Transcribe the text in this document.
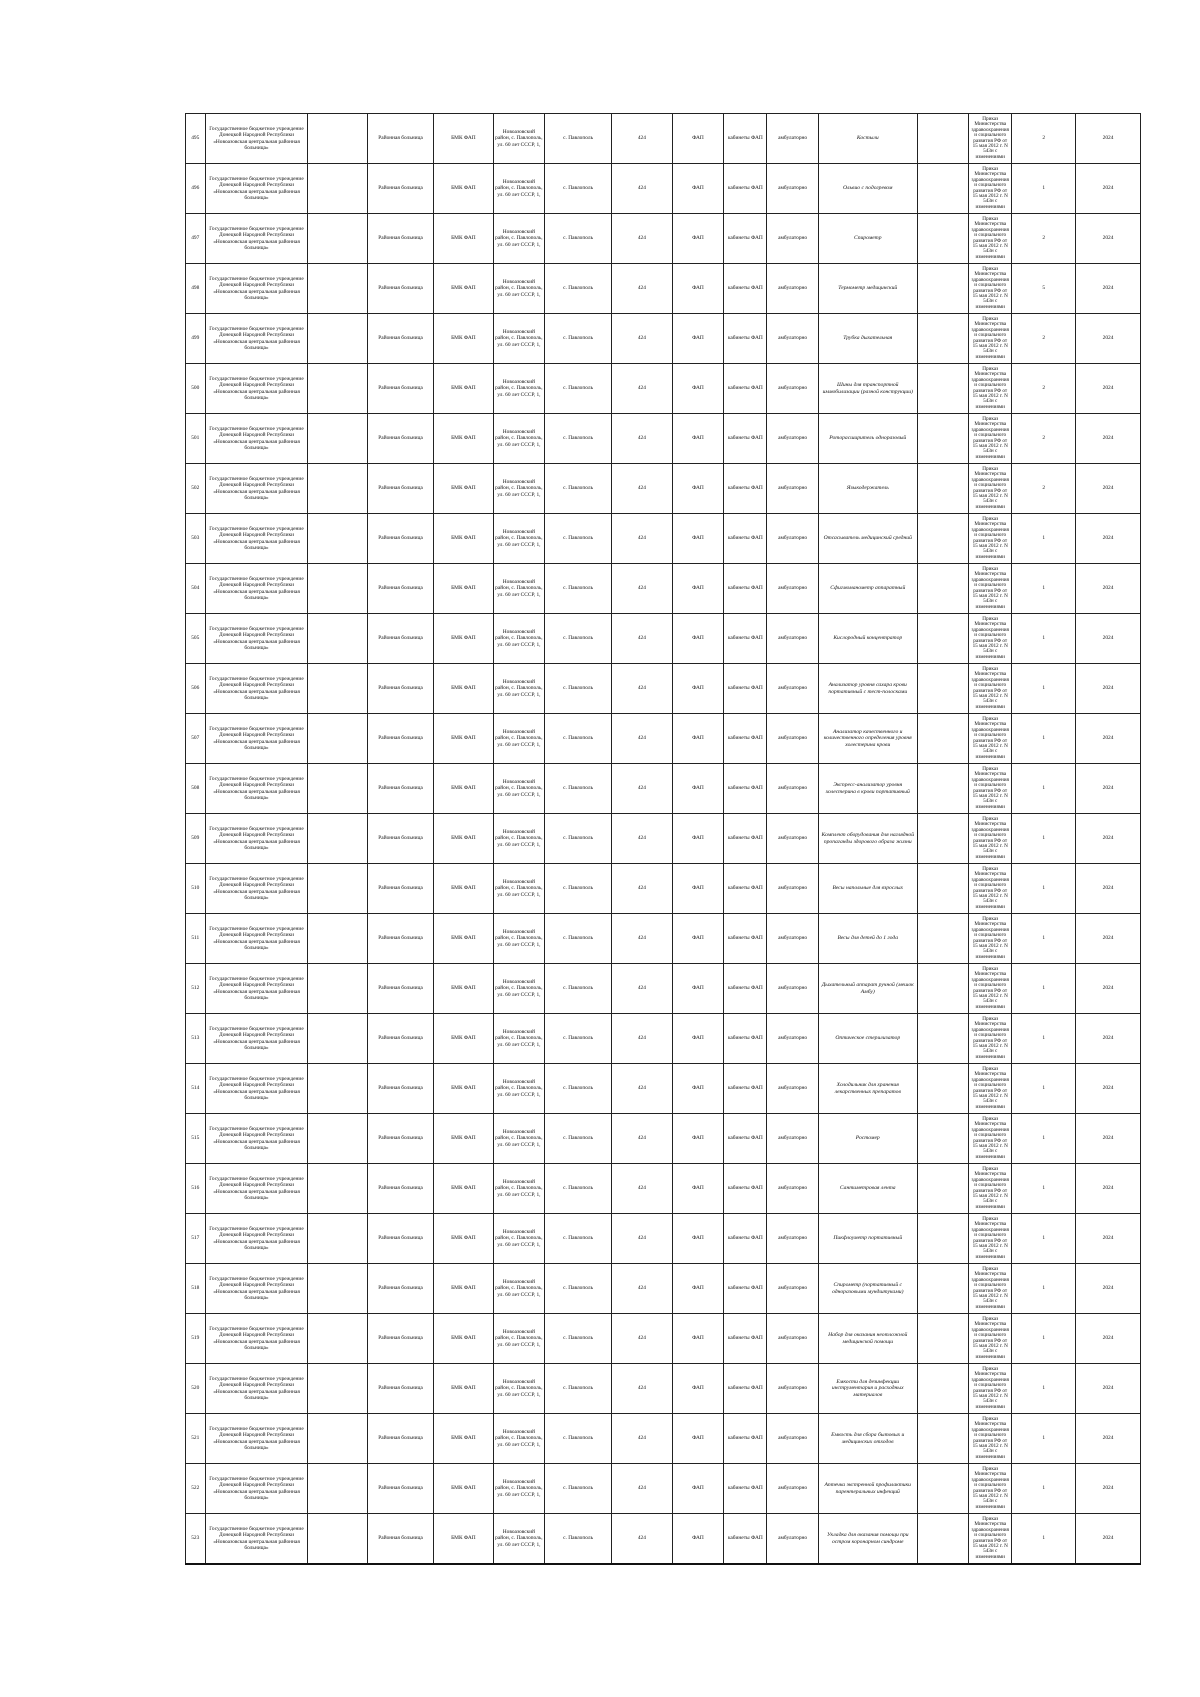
495	Государственное бюджетное учреждение Донецкой Народной Республики «Новоазовская центральная районная больница»		Районная больница	БМК ФАП	Новоазовский район, с. Павлополь, ул. 60 лет СССР, 1,	с. Павлополь	424	ФАП	кабинеты ФАП	амбулаторно	Костыли		Приказ Министерства здравоохранения и социального развития РФ от 15 мая 2012 г. N 543н с изменениями	2	2024
496	Государственное бюджетное учреждение Донецкой Народной Республики «Новоазовская центральная районная больница»		Районная больница	БМК ФАП	Новоазовский район, с. Павлополь, ул. 60 лет СССР, 1,	с. Павлополь	424	ФАП	кабинеты ФАП	амбулаторно	Ольвио с подогревом		Приказ Министерства здравоохранения и социального развития РФ от 15 мая 2012 г. N 543н с изменениями	1	2024
497	Государственное бюджетное учреждение Донецкой Народной Республики «Новоазовская центральная районная больница»		Районная больница	БМК ФАП	Новоазовский район, с. Павлополь, ул. 60 лет СССР, 1,	с. Павлополь	424	ФАП	кабинеты ФАП	амбулаторно	Спирометр		Приказ Министерства здравоохранения и социального развития РФ от 15 мая 2012 г. N 543н с изменениями	2	2024
498	Государственное бюджетное учреждение Донецкой Народной Республики «Новоазовская центральная районная больница»		Районная больница	БМК ФАП	Новоазовский район, с. Павлополь, ул. 60 лет СССР, 1,	с. Павлополь	424	ФАП	кабинеты ФАП	амбулаторно	Термометр медицинский		Приказ Министерства здравоохранения и социального развития РФ от 15 мая 2012 г. N 543н с изменениями	5	2024
499	Государственное бюджетное учреждение Донецкой Народной Республики «Новоазовская центральная районная больница»		Районная больница	БМК ФАП	Новоазовский район, с. Павлополь, ул. 60 лет СССР, 1,	с. Павлополь	424	ФАП	кабинеты ФАП	амбулаторно	Трубка дыхательная		Приказ Министерства здравоохранения и социального развития РФ от 15 мая 2012 г. N 543н с изменениями	2	2024
500	Государственное бюджетное учреждение Донецкой Народной Республики «Новоазовская центральная районная больница»		Районная больница	БМК ФАП	Новоазовский район, с. Павлополь, ул. 60 лет СССР, 1,	с. Павлополь	424	ФАП	кабинеты ФАП	амбулаторно	Шины для транспортной иммобилизации (разной конструкции)		Приказ Министерства здравоохранения и социального развития РФ от 15 мая 2012 г. N 543н с изменениями	2	2024
501	Государственное бюджетное учреждение Донецкой Народной Республики «Новоазовская центральная районная больница»		Районная больница	БМК ФАП	Новоазовский район, с. Павлополь, ул. 60 лет СССР, 1,	с. Павлополь	424	ФАП	кабинеты ФАП	амбулаторно	Роторасширитель одноразовый		Приказ Министерства здравоохранения и социального развития РФ от 15 мая 2012 г. N 543н с изменениями	2	2024
502	Государственное бюджетное учреждение Донецкой Народной Республики «Новоазовская центральная районная больница»		Районная больница	БМК ФАП	Новоазовский район, с. Павлополь, ул. 60 лет СССР, 1,	с. Павлополь	424	ФАП	кабинеты ФАП	амбулаторно	Языкодержатель		Приказ Министерства здравоохранения и социального развития РФ от 15 мая 2012 г. N 543н с изменениями	2	2024
503	Государственное бюджетное учреждение Донецкой Народной Республики «Новоазовская центральная районная больница»		Районная больница	БМК ФАП	Новоазовский район, с. Павлополь, ул. 60 лет СССР, 1,	с. Павлополь	424	ФАП	кабинеты ФАП	амбулаторно	Отсасыватель медицинский средний		Приказ Министерства здравоохранения и социального развития РФ от 15 мая 2012 г. N 543н с изменениями	1	2024
504	Государственное бюджетное учреждение Донецкой Народной Республики «Новоазовская центральная районная больница»		Районная больница	БМК ФАП	Новоазовский район, с. Павлополь, ул. 60 лет СССР, 1,	с. Павлополь	424	ФАП	кабинеты ФАП	амбулаторно	Сфигмоманометр аппаратный		Приказ Министерства здравоохранения и социального развития РФ от 15 мая 2012 г. N 543н с изменениями	1	2024
505	Государственное бюджетное учреждение Донецкой Народной Республики «Новоазовская центральная районная больница»		Районная больница	БМК ФАП	Новоазовский район, с. Павлополь, ул. 60 лет СССР, 1,	с. Павлополь	424	ФАП	кабинеты ФАП	амбулаторно	Кислородный концентратор		Приказ Министерства здравоохранения и социального развития РФ от 15 мая 2012 г. N 543н с изменениями	1	2024
506	Государственное бюджетное учреждение Донецкой Народной Республики «Новоазовская центральная районная больница»		Районная больница	БМК ФАП	Новоазовский район, с. Павлополь, ул. 60 лет СССР, 1,	с. Павлополь	424	ФАП	кабинеты ФАП	амбулаторно	Анализатор уровня сахара крови портативный с тест-полосками		Приказ Министерства здравоохранения и социального развития РФ от 15 мая 2012 г. N 543н с изменениями	1	2024
507	Государственное бюджетное учреждение Донецкой Народной Республики «Новоазовская центральная районная больница»		Районная больница	БМК ФАП	Новоазовский район, с. Павлополь, ул. 60 лет СССР, 1,	с. Павлополь	424	ФАП	кабинеты ФАП	амбулаторно	Анализатор качественного и количественного определения уровня холестерина крови		Приказ Министерства здравоохранения и социального развития РФ от 15 мая 2012 г. N 543н с изменениями	1	2024
508	Государственное бюджетное учреждение Донецкой Народной Республики «Новоазовская центральная районная больница»		Районная больница	БМК ФАП	Новоазовский район, с. Павлополь, ул. 60 лет СССР, 1,	с. Павлополь	424	ФАП	кабинеты ФАП	амбулаторно	Экспресс-анализатор уровня холестерина в крови портативный		Приказ Министерства здравоохранения и социального развития РФ от 15 мая 2012 г. N 543н с изменениями	1	2024
509	Государственное бюджетное учреждение Донецкой Народной Республики «Новоазовская центральная районная больница»		Районная больница	БМК ФАП	Новоазовский район, с. Павлополь, ул. 60 лет СССР, 1,	с. Павлополь	424	ФАП	кабинеты ФАП	амбулаторно	Комплект оборудования для наглядной пропаганды здорового образа жизни		Приказ Министерства здравоохранения и социального развития РФ от 15 мая 2012 г. N 543н с изменениями	1	2024
510	Государственное бюджетное учреждение Донецкой Народной Республики «Новоазовская центральная районная больница»		Районная больница	БМК ФАП	Новоазовский район, с. Павлополь, ул. 60 лет СССР, 1,	с. Павлополь	424	ФАП	кабинеты ФАП	амбулаторно	Весы напольные для взрослых		Приказ Министерства здравоохранения и социального развития РФ от 15 мая 2012 г. N 543н с изменениями	1	2024
511	Государственное бюджетное учреждение Донецкой Народной Республики «Новоазовская центральная районная больница»		Районная больница	БМК ФАП	Новоазовский район, с. Павлополь, ул. 60 лет СССР, 1,	с. Павлополь	424	ФАП	кабинеты ФАП	амбулаторно	Весы для детей до 1 года		Приказ Министерства здравоохранения и социального развития РФ от 15 мая 2012 г. N 543н с изменениями	1	2024
512	Государственное бюджетное учреждение Донецкой Народной Республики «Новоазовская центральная районная больница»		Районная больница	БМК ФАП	Новоазовский район, с. Павлополь, ул. 60 лет СССР, 1,	с. Павлополь	424	ФАП	кабинеты ФАП	амбулаторно	Дыхательный аппарат ручной (мешок Амбу)		Приказ Министерства здравоохранения и социального развития РФ от 15 мая 2012 г. N 543н с изменениями	1	2024
513	Государственное бюджетное учреждение Донецкой Народной Республики «Новоазовская центральная районная больница»		Районная больница	БМК ФАП	Новоазовский район, с. Павлополь, ул. 60 лет СССР, 1,	с. Павлополь	424	ФАП	кабинеты ФАП	амбулаторно	Оптическое стерилизатор		Приказ Министерства здравоохранения и социального развития РФ от 15 мая 2012 г. N 543н с изменениями	1	2024
514	Государственное бюджетное учреждение Донецкой Народной Республики «Новоазовская центральная районная больница»		Районная больница	БМК ФАП	Новоазовский район, с. Павлополь, ул. 60 лет СССР, 1,	с. Павлополь	424	ФАП	кабинеты ФАП	амбулаторно	Холодильник для хранения лекарственных препаратов		Приказ Министерства здравоохранения и социального развития РФ от 15 мая 2012 г. N 543н с изменениями	1	2024
515	Государственное бюджетное учреждение Донецкой Народной Республики «Новоазовская центральная районная больница»		Районная больница	БМК ФАП	Новоазовский район, с. Павлополь, ул. 60 лет СССР, 1,	с. Павлополь	424	ФАП	кабинеты ФАП	амбулаторно	Ростомер		Приказ Министерства здравоохранения и социального развития РФ от 15 мая 2012 г. N 543н с изменениями	1	2024
516	Государственное бюджетное учреждение Донецкой Народной Республики «Новоазовская центральная районная больница»		Районная больница	БМК ФАП	Новоазовский район, с. Павлополь, ул. 60 лет СССР, 1,	с. Павлополь	424	ФАП	кабинеты ФАП	амбулаторно	Сантиметровая лента		Приказ Министерства здравоохранения и социального развития РФ от 15 мая 2012 г. N 543н с изменениями	1	2024
517	Государственное бюджетное учреждение Донецкой Народной Республики «Новоазовская центральная районная больница»		Районная больница	БМК ФАП	Новоазовский район, с. Павлополь, ул. 60 лет СССР, 1,	с. Павлополь	424	ФАП	кабинеты ФАП	амбулаторно	Пикфлоуметр портативный		Приказ Министерства здравоохранения и социального развития РФ от 15 мая 2012 г. N 543н с изменениями	1	2024
518	Государственное бюджетное учреждение Донецкой Народной Республики «Новоазовская центральная районная больница»		Районная больница	БМК ФАП	Новоазовский район, с. Павлополь, ул. 60 лет СССР, 1,	с. Павлополь	424	ФАП	кабинеты ФАП	амбулаторно	Спирометр (портативный с одноразовыми мундштуками)		Приказ Министерства здравоохранения и социального развития РФ от 15 мая 2012 г. N 543н с изменениями	1	2024
519	Государственное бюджетное учреждение Донецкой Народной Республики «Новоазовская центральная районная больница»		Районная больница	БМК ФАП	Новоазовский район, с. Павлополь, ул. 60 лет СССР, 1,	с. Павлополь	424	ФАП	кабинеты ФАП	амбулаторно	Набор для оказания неотложной медицинской помощи		Приказ Министерства здравоохранения и социального развития РФ от 15 мая 2012 г. N 543н с изменениями	1	2024
520	Государственное бюджетное учреждение Донецкой Народной Республики «Новоазовская центральная районная больница»		Районная больница	БМК ФАП	Новоазовский район, с. Павлополь, ул. 60 лет СССР, 1,	с. Павлополь	424	ФАП	кабинеты ФАП	амбулаторно	Емкости для дезинфекции инструментария и расходных материалов		Приказ Министерства здравоохранения и социального развития РФ от 15 мая 2012 г. N 543н с изменениями	1	2024
521	Государственное бюджетное учреждение Донецкой Народной Республики «Новоазовская центральная районная больница»		Районная больница	БМК ФАП	Новоазовский район, с. Павлополь, ул. 60 лет СССР, 1,	с. Павлополь	424	ФАП	кабинеты ФАП	амбулаторно	Емкость для сбора бытовых и медицинских отходов		Приказ Министерства здравоохранения и социального развития РФ от 15 мая 2012 г. N 543н с изменениями	1	2024
522	Государственное бюджетное учреждение Донецкой Народной Республики «Новоазовская центральная районная больница»		Районная больница	БМК ФАП	Новоазовский район, с. Павлополь, ул. 60 лет СССР, 1,	с. Павлополь	424	ФАП	кабинеты ФАП	амбулаторно	Аптечка экстренной профилактики парентеральных инфекций		Приказ Министерства здравоохранения и социального развития РФ от 15 мая 2012 г. N 543н с изменениями	1	2024
523	Государственное бюджетное учреждение Донецкой Народной Республики «Новоазовская центральная районная больница»		Районная больница	БМК ФАП	Новоазовский район, с. Павлополь, ул. 60 лет СССР, 1,	с. Павлополь	424	ФАП	кабинеты ФАП	амбулаторно	Укладка для оказания помощи при остром коронарном синдроме		Приказ Министерства здравоохранения и социального развития РФ от 15 мая 2012 г. N 543н с изменениями	1	2024
